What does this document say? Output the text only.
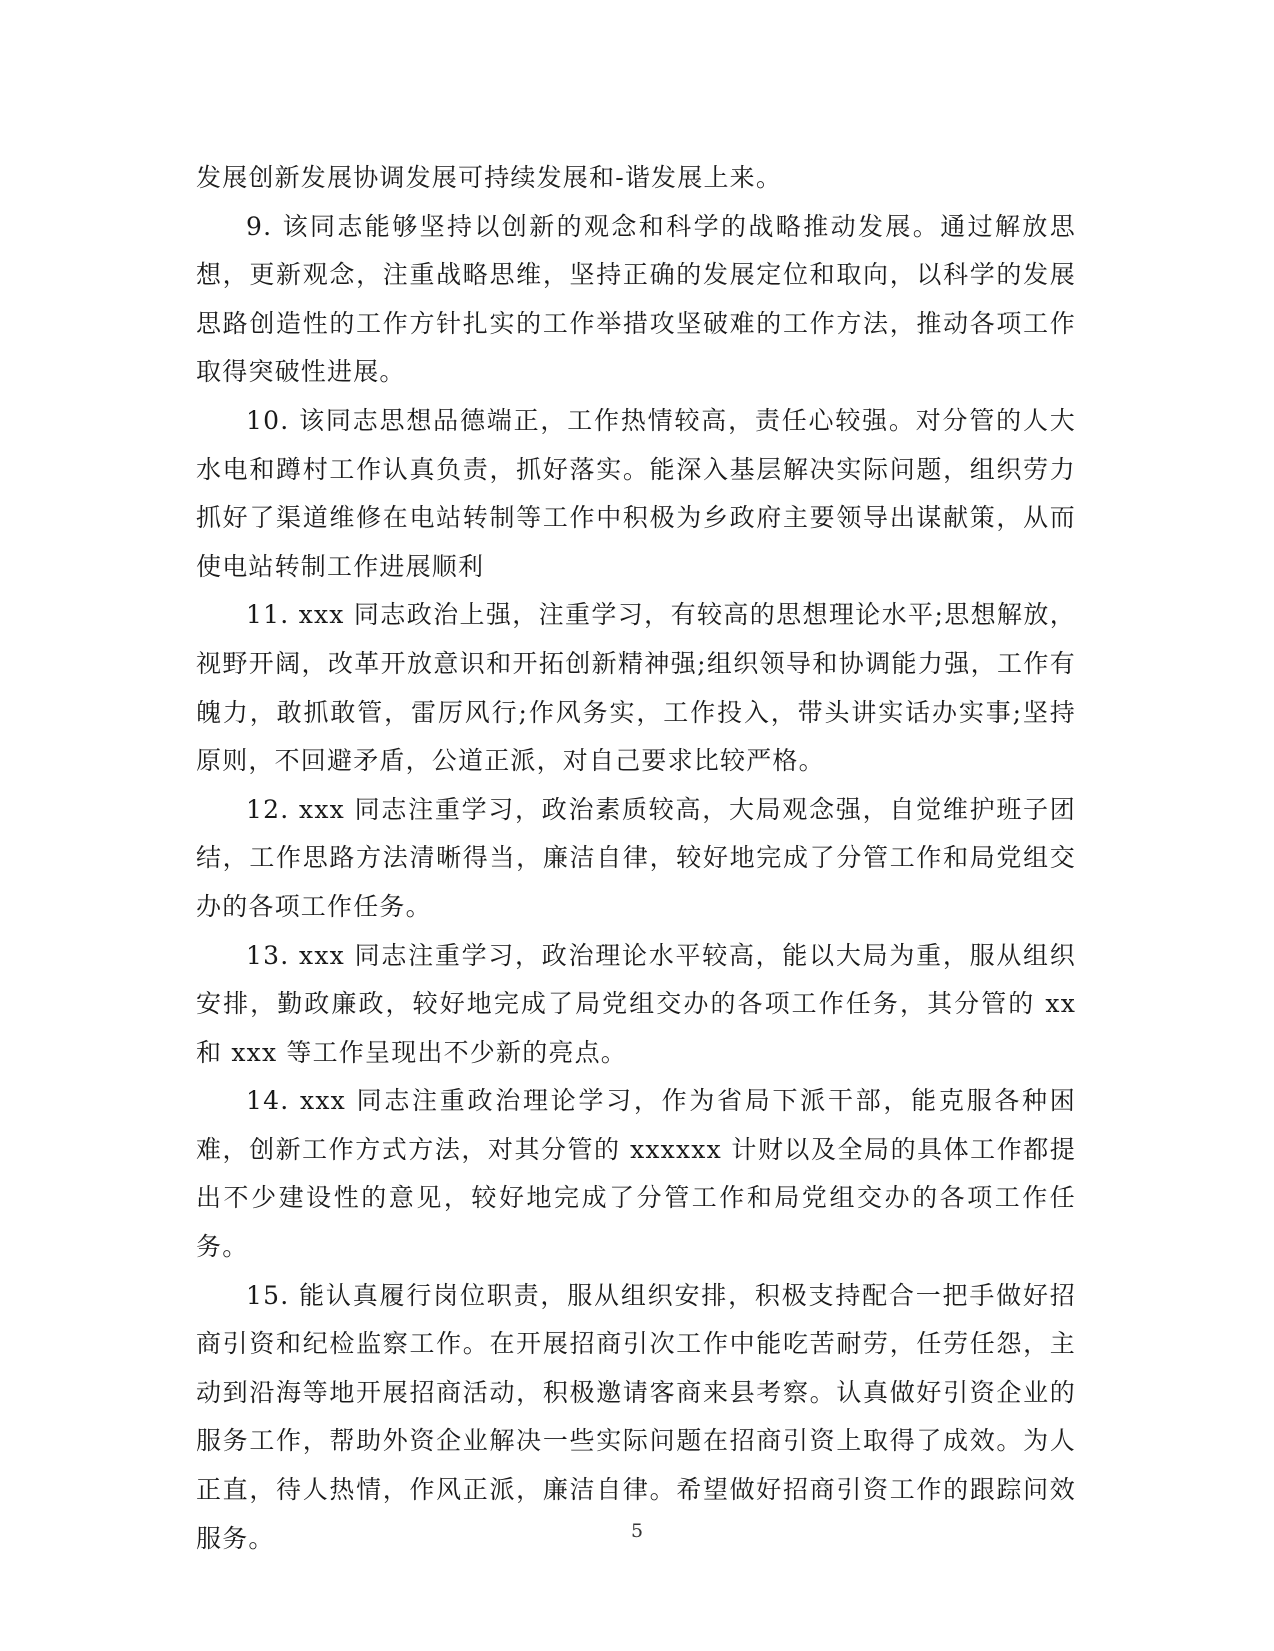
发展创新发展协调发展可持续发展和-谐发展上来。

9. 该同志能够坚持以创新的观念和科学的战略推动发展。通过解放思想，更新观念，注重战略思维，坚持正确的发展定位和取向，以科学的发展思路创造性的工作方针扎实的工作举措攻坚破难的工作方法，推动各项工作取得突破性进展。

10. 该同志思想品德端正，工作热情较高，责任心较强。对分管的人大水电和蹲村工作认真负责，抓好落实。能深入基层解决实际问题，组织劳力抓好了渠道维修在电站转制等工作中积极为乡政府主要领导出谋献策，从而使电站转制工作进展顺利

11. xxx 同志政治上强，注重学习，有较高的思想理论水平;思想解放，视野开阔，改革开放意识和开拓创新精神强;组织领导和协调能力强，工作有魄力，敢抓敢管，雷厉风行;作风务实，工作投入，带头讲实话办实事;坚持原则，不回避矛盾，公道正派，对自己要求比较严格。

12. xxx 同志注重学习，政治素质较高，大局观念强，自觉维护班子团结，工作思路方法清晰得当，廉洁自律，较好地完成了分管工作和局党组交办的各项工作任务。

13. xxx 同志注重学习，政治理论水平较高，能以大局为重，服从组织安排，勤政廉政，较好地完成了局党组交办的各项工作任务，其分管的 xx 和 xxx 等工作呈现出不少新的亮点。

14. xxx 同志注重政治理论学习，作为省局下派干部，能克服各种困难，创新工作方式方法，对其分管的 xxxxxx 计财以及全局的具体工作都提出不少建设性的意见，较好地完成了分管工作和局党组交办的各项工作任务。

15. 能认真履行岗位职责，服从组织安排，积极支持配合一把手做好招商引资和纪检监察工作。在开展招商引次工作中能吃苦耐劳，任劳任怨，主动到沿海等地开展招商活动，积极邀请客商来县考察。认真做好引资企业的服务工作，帮助外资企业解决一些实际问题在招商引资上取得了成效。为人正直，待人热情，作风正派，廉洁自律。希望做好招商引资工作的跟踪问效服务。	5
